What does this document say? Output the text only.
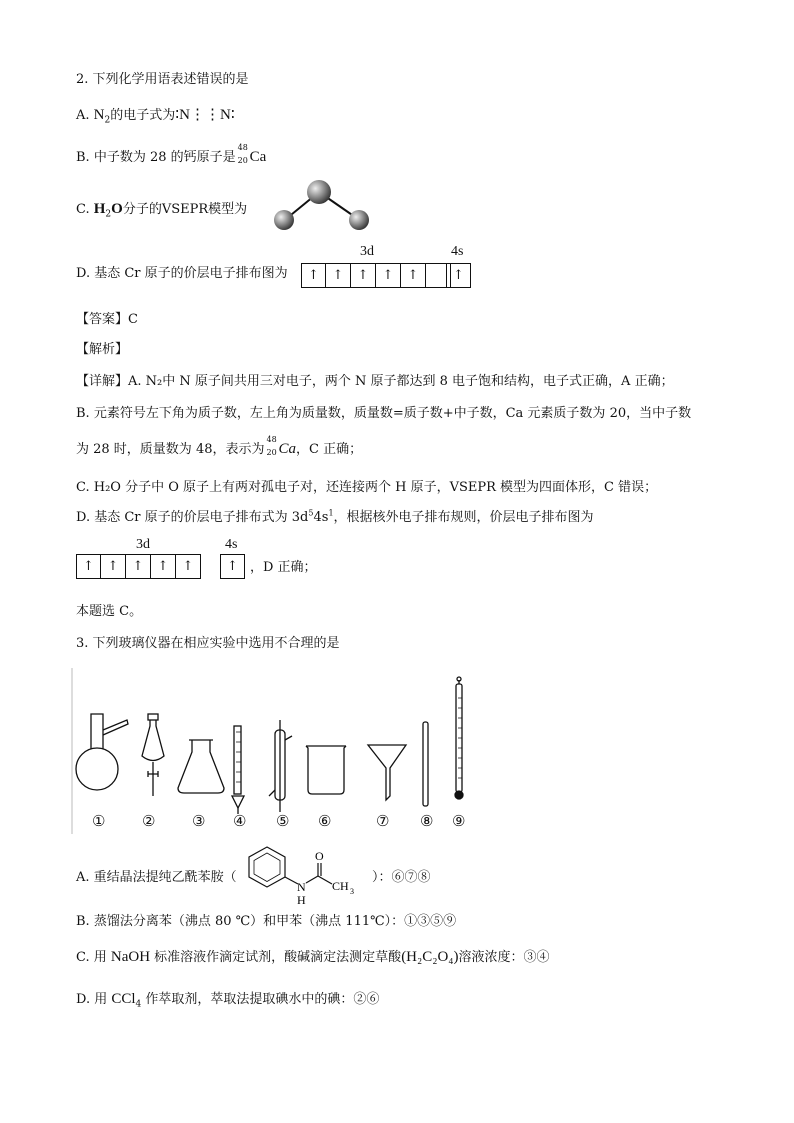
2. 下列化学用语表述错误的是
A. $N_2$的电子式为∶N⋮⋮N∶
B. 中子数为 28 的钙原子是
48
20 Ca
C. $H_2O$分子的VSEPR模型为
D. 基态 Cr 原子的价层电子排布图为
3d
↑	↑	↑	↑	↑
4s
↑
【答案】C
【解析】
【详解】A. N₂中 N 原子间共用三对电子，两个 N 原子都达到 8 电子饱和结构，电子式正确，A 正确；
B. 元素符号左下角为质子数，左上角为质量数，质量数=质子数+中子数，Ca 元素质子数为 20，当中子数
为 28 时，质量数为 48，表示为
48
20 Ca，C 正确；
C. H₂O 分子中 O 原子上有两对孤电子对，还连接两个 H 原子，VSEPR 模型为四面体形，C 错误；
D. 基态 Cr 原子的价层电子排布式为 $3d^54s^1$，根据核外电子排布规则，价层电子排布图为
3d
↑	↑	↑	↑	↑
4s
↑ ，D 正确；
本题选 C。
3. 下列玻璃仪器在相应实验中选用不合理的是
① ② ③ ④ ⑤ ⑥	⑦ ⑧ ⑨
A. 重结晶法提纯乙酰苯胺（
N
H
O
CH 3
）：⑥⑦⑧
B. 蒸馏法分离苯（沸点 80 ℃）和甲苯（沸点 111℃）：①③⑤⑨
C. 用 NaOH 标准溶液作滴定试剂，酸碱滴定法测定草酸(H₂C₂O₄)溶液浓度：③④
D. 用 CCl$_4$ 作萃取剂，萃取法提取碘水中的碘：②⑥
